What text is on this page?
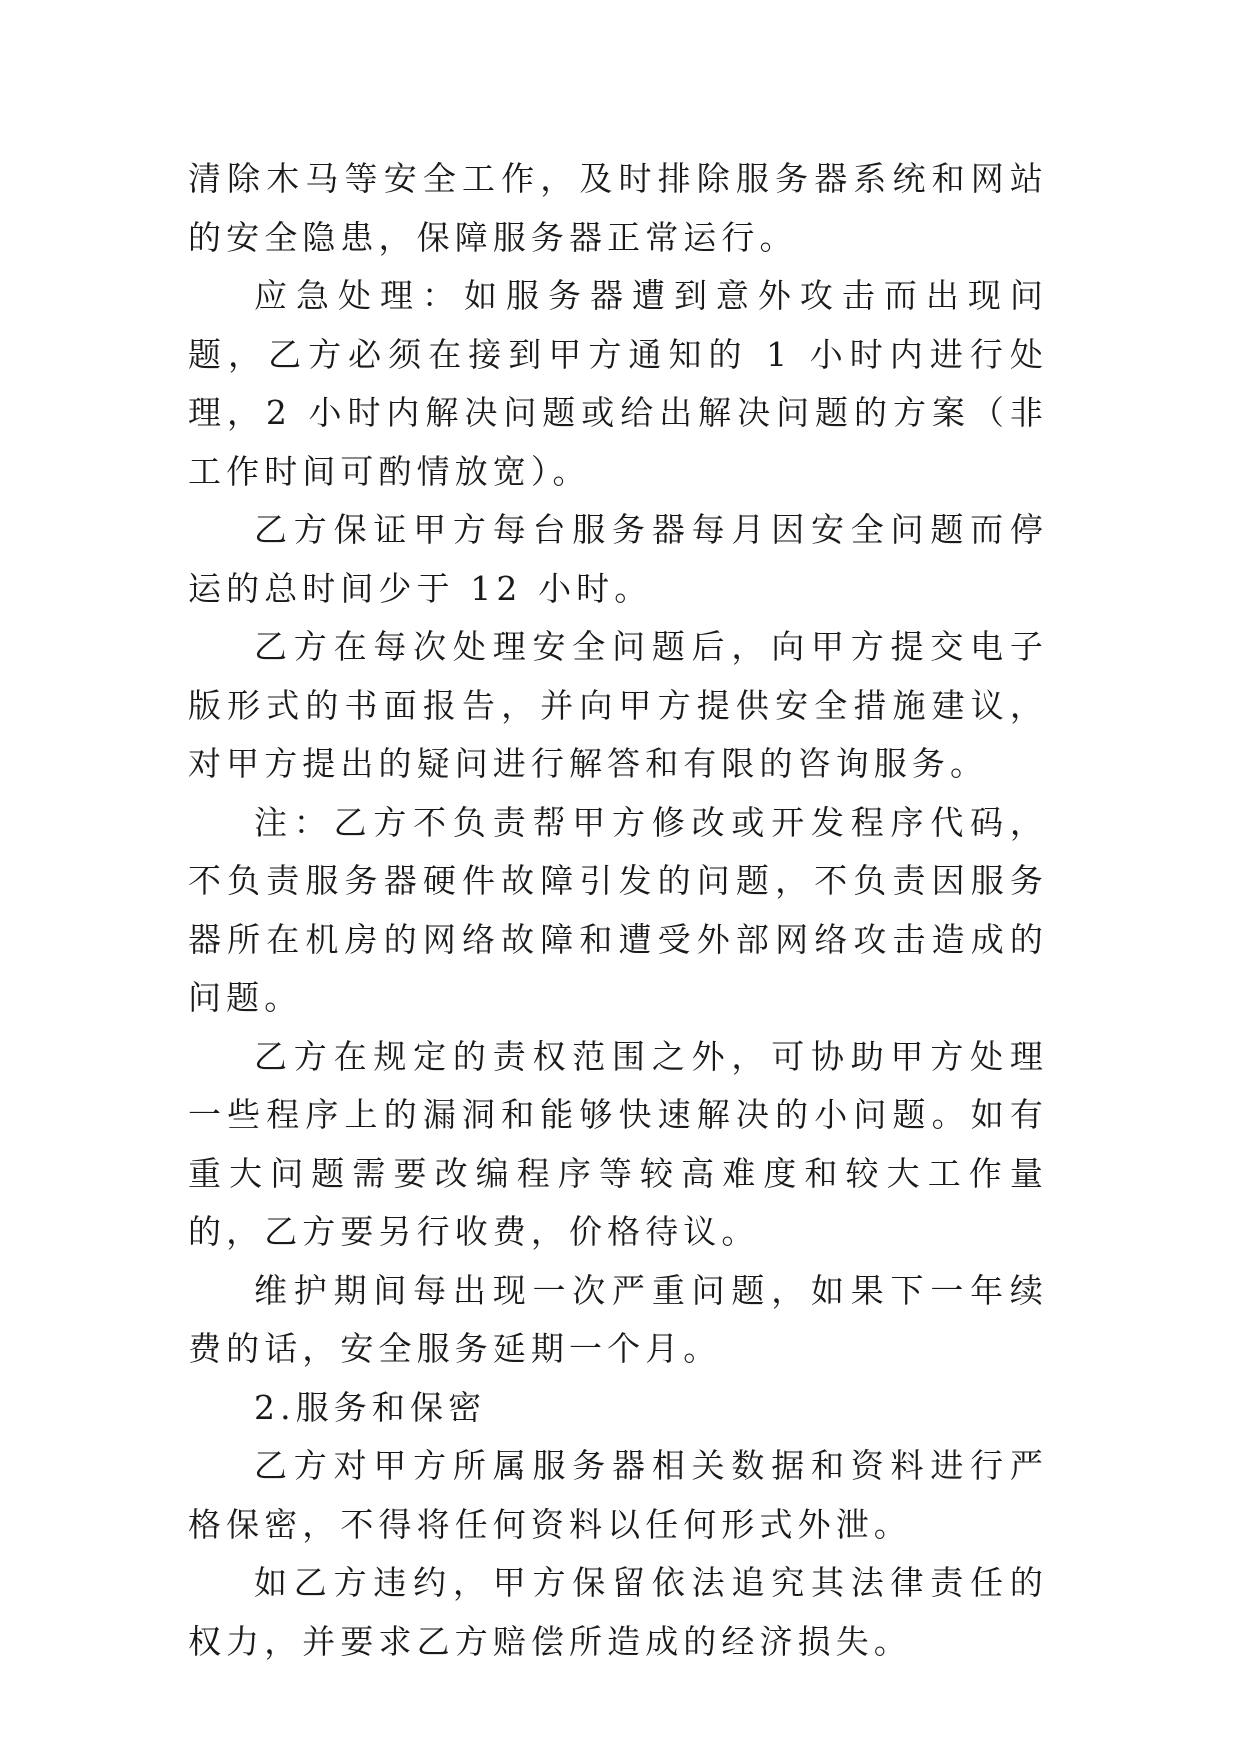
清除木马等安全工作，及时排除服务器系统和网站的安全隐患，保障服务器正常运行。

应急处理：如服务器遭到意外攻击而出现问题，乙方必须在接到甲方通知的 1 小时内进行处理，2 小时内解决问题或给出解决问题的方案（非工作时间可酌情放宽）。

乙方保证甲方每台服务器每月因安全问题而停运的总时间少于 12 小时。

乙方在每次处理安全问题后，向甲方提交电子版形式的书面报告，并向甲方提供安全措施建议，对甲方提出的疑问进行解答和有限的咨询服务。

注：乙方不负责帮甲方修改或开发程序代码，不负责服务器硬件故障引发的问题，不负责因服务器所在机房的网络故障和遭受外部网络攻击造成的问题。

乙方在规定的责权范围之外，可协助甲方处理一些程序上的漏洞和能够快速解决的小问题。如有重大问题需要改编程序等较高难度和较大工作量的，乙方要另行收费，价格待议。

维护期间每出现一次严重问题，如果下一年续费的话，安全服务延期一个月。

2.服务和保密

乙方对甲方所属服务器相关数据和资料进行严格保密，不得将任何资料以任何形式外泄。

如乙方违约，甲方保留依法追究其法律责任的权力，并要求乙方赔偿所造成的经济损失。
